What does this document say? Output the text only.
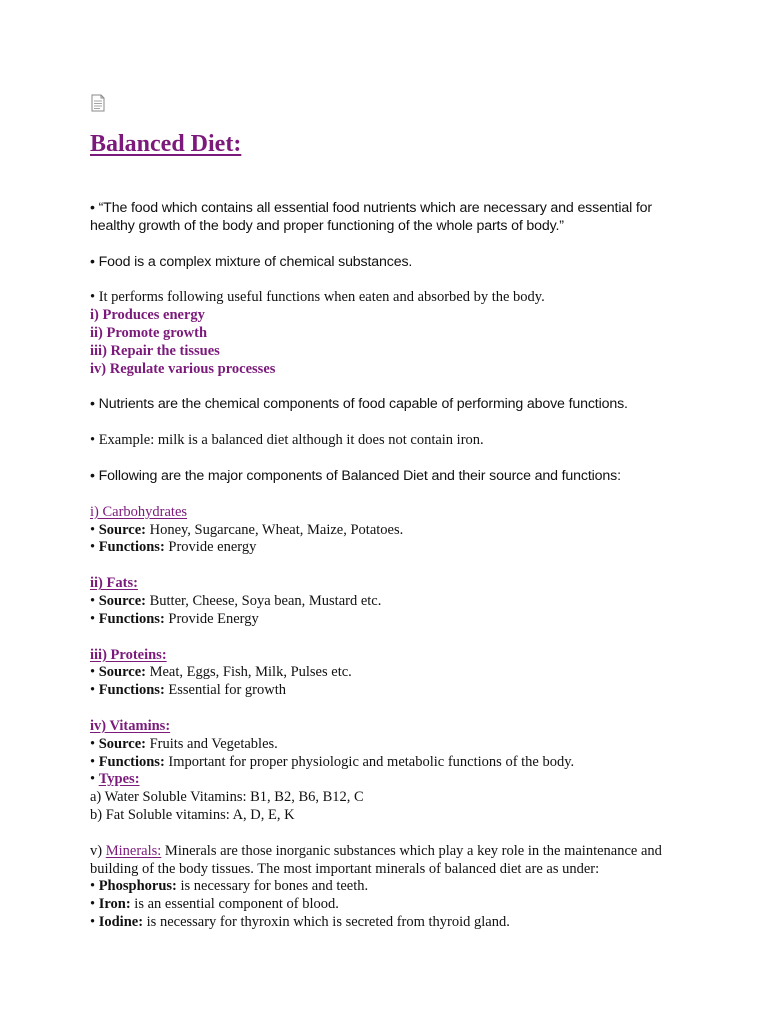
Balanced Diet:

• “The food which contains all essential food nutrients which are necessary and essential for healthy growth of the body and proper functioning of the whole parts of body.”

• Food is a complex mixture of chemical substances.

• It performs following useful functions when eaten and absorbed by the body.

i) Produces energy

ii) Promote growth

iii) Repair the tissues

iv) Regulate various processes

• Nutrients are the chemical components of food capable of performing above functions.

• Example: milk is a balanced diet although it does not contain iron.

• Following are the major components of Balanced Diet and their source and functions:

i) Carbohydrates

• Source: Honey, Sugarcane, Wheat, Maize, Potatoes.

• Functions: Provide energy

ii) Fats:

• Source: Butter, Cheese, Soya bean, Mustard etc.

• Functions: Provide Energy

iii) Proteins:

• Source: Meat, Eggs, Fish, Milk, Pulses etc.

• Functions: Essential for growth

iv) Vitamins:

• Source: Fruits and Vegetables.

• Functions: Important for proper physiologic and metabolic functions of the body.

• Types:

a) Water Soluble Vitamins: B1, B2, B6, B12, C

b) Fat Soluble vitamins: A, D, E, K

v) Minerals: Minerals are those inorganic substances which play a key role in the maintenance and building of the body tissues. The most important minerals of balanced diet are as under:

• Phosphorus: is necessary for bones and teeth.

• Iron: is an essential component of blood.

• Iodine: is necessary for thyroxin which is secreted from thyroid gland.
